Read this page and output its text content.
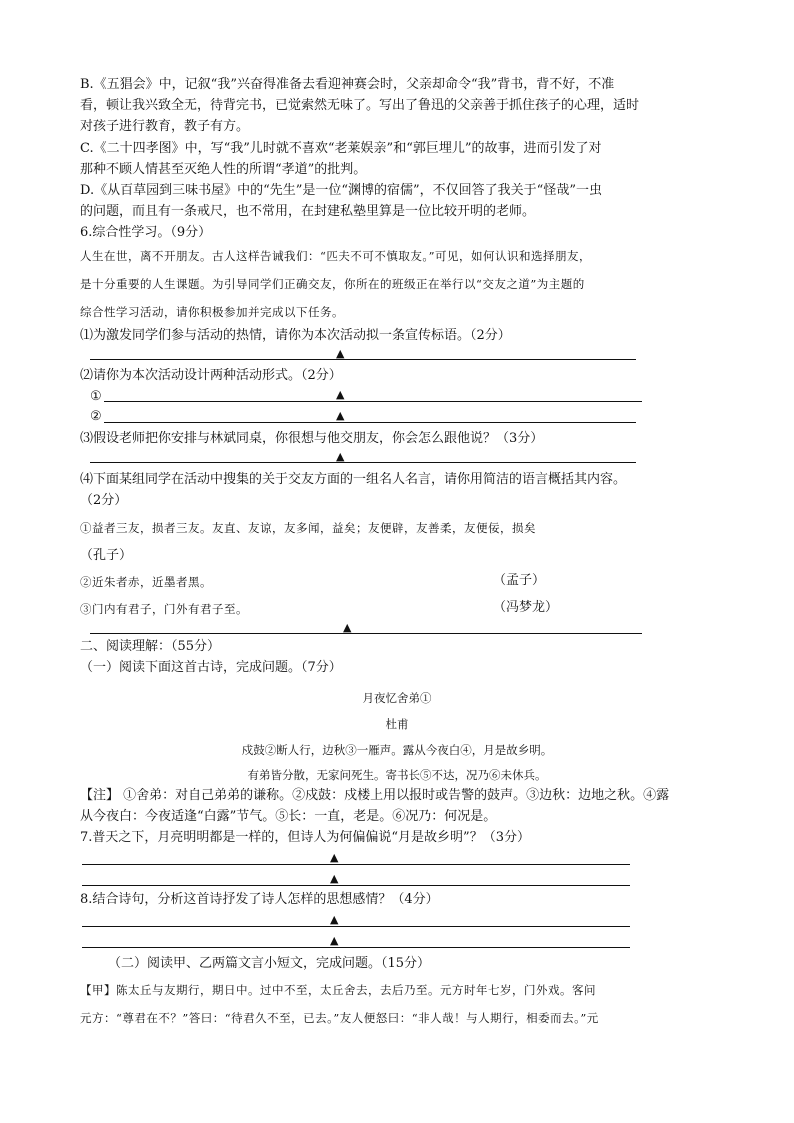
B.《五猖会》中，记叙“我”兴奋得准备去看迎神赛会时，父亲却命令“我”背书，背不好，不准
看，顿让我兴致全无，待背完书，已觉索然无味了。写出了鲁迅的父亲善于抓住孩子的心理，适时
对孩子进行教育，教子有方。
C.《二十四孝图》中，写“我”儿时就不喜欢“老莱娱亲”和“郭巨埋儿”的故事，进而引发了对
那种不顾人情甚至灭绝人性的所谓“孝道”的批判。
D.《从百草园到三味书屋》中的“先生”是一位“渊博的宿儒”，不仅回答了我关于“怪哉”一虫
的问题，而且有一条戒尺，也不常用，在封建私塾里算是一位比较开明的老师。
6.综合性学习。（9分）
人生在世，离不开朋友。古人这样告诫我们：“匹夫不可不慎取友。”可见，如何认识和选择朋友，
是十分重要的人生课题。为引导同学们正确交友，你所在的班级正在举行以“交友之道”为主题的
综合性学习活动，请你积极参加并完成以下任务。
⑴为激发同学们参与活动的热情，请你为本次活动拟一条宣传标语。（2分）
▲
⑵请你为本次活动设计两种活动形式。（2分）
①	▲
②	▲
⑶假设老师把你安排与林斌同桌，你很想与他交朋友，你会怎么跟他说？（3分）
▲
⑷下面某组同学在活动中搜集的关于交友方面的一组名人名言，请你用简洁的语言概括其内容。
（2分）
①益者三友，损者三友。友直、友谅，友多闻，益矣；友便辟，友善柔，友便佞，损矣
（孔子）
②近朱者赤，近墨者黑。	（孟子）
③门内有君子，门外有君子至。	（冯梦龙）
▲
二、阅读理解：（55分）
（一）阅读下面这首古诗，完成问题。（7分）
月夜忆舍弟①
杜甫
戍鼓②断人行，边秋③一雁声。露从今夜白④，月是故乡明。
有弟皆分散，无家问死生。寄书长⑤不达，况乃⑥未休兵。
【注】 ①舍弟：对自己弟弟的谦称。②戍鼓：戍楼上用以报时或告警的鼓声。③边秋：边地之秋。④露
从今夜白：今夜适逢“白露”节气。⑤长：一直，老是。⑥况乃：何况是。
7.普天之下，月亮明明都是一样的，但诗人为何偏偏说“月是故乡明”？（3分）
▲
▲
8.结合诗句，分析这首诗抒发了诗人怎样的思想感情？（4分）
▲
▲
（二）阅读甲、乙两篇文言小短文，完成问题。（15分）
【甲】陈太丘与友期行，期日中。过中不至，太丘舍去，去后乃至。元方时年七岁，门外戏。客问
元方：“尊君在不？”答曰：“待君久不至，已去。”友人便怒曰：“非人哉！与人期行，相委而去。”元
